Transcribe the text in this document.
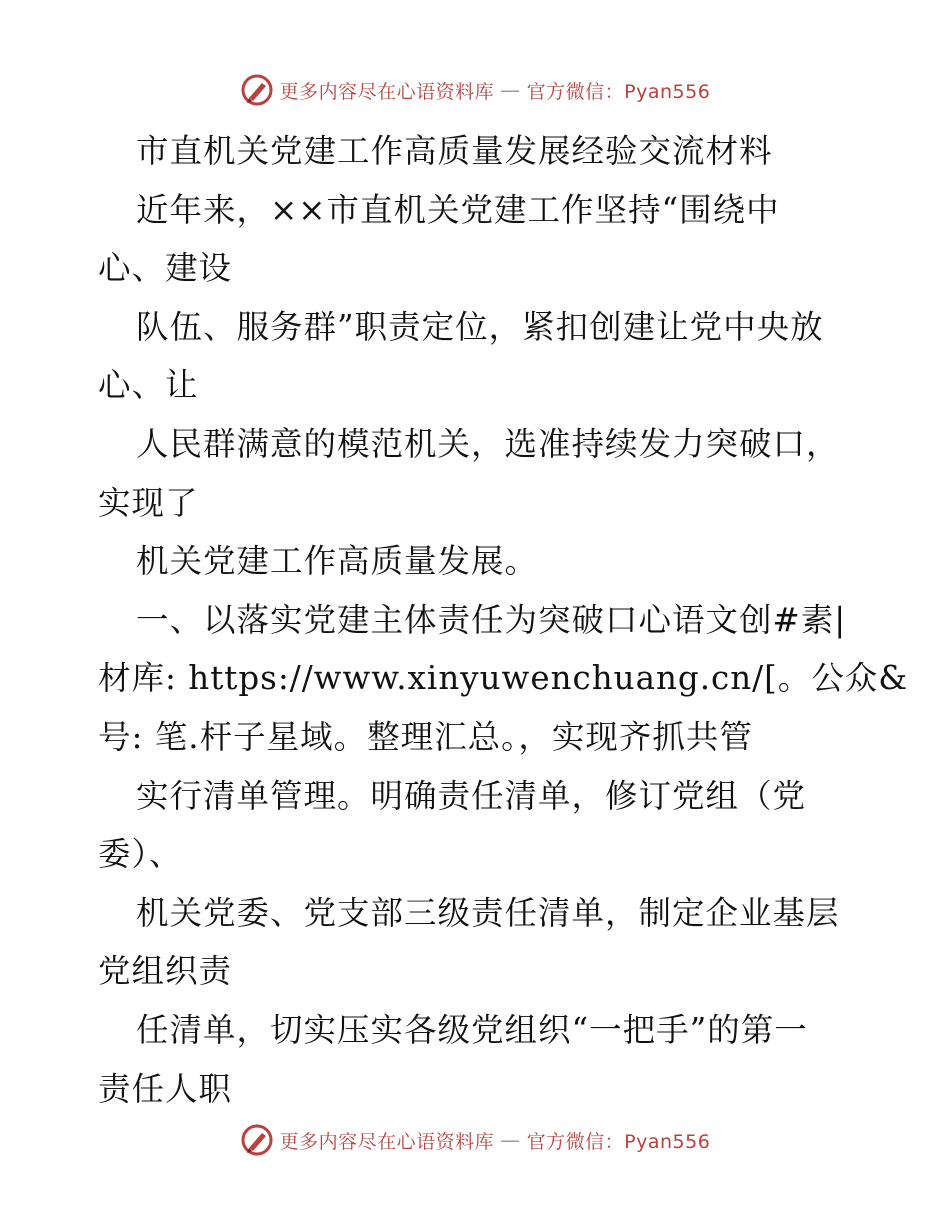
更多内容尽在心语资料库 — 官方微信：Pyan556
市直机关党建工作高质量发展经验交流材料
近年来，××市直机关党建工作坚持“围绕中
心、建设
队伍、服务群”职责定位，紧扣创建让党中央放
心、让
人民群满意的模范机关，选准持续发力突破口，
实现了
机关党建工作高质量发展。
一、以落实党建主体责任为突破口心语文创#素|
材库: https://www.xinyuwenchuang.cn/[。公众&
号: 笔.杆子星域。整理汇总。，实现齐抓共管
实行清单管理。明确责任清单，修订党组（党
委）、
机关党委、党支部三级责任清单，制定企业基层
党组织责
任清单，切实压实各级党组织“一把手”的第一
责任人职
更多内容尽在心语资料库 — 官方微信：Pyan556
